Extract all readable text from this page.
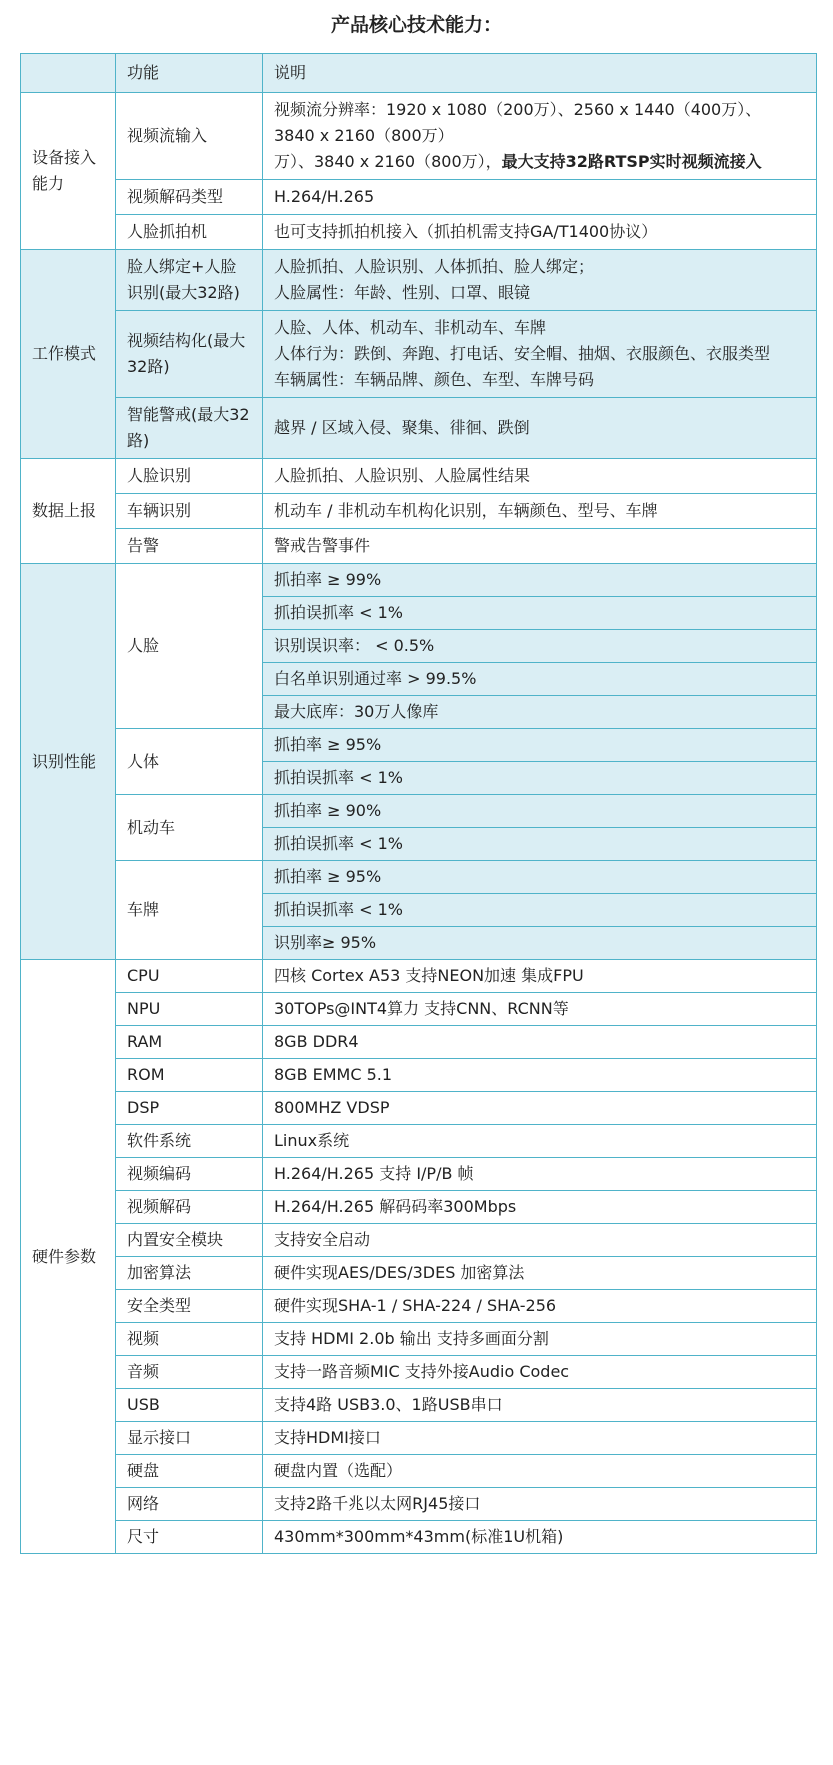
产品核心技术能力：
	功能	说明
设备接入能力	视频流输入	视频流分辨率：1920 x 1080（200万）、2560 x 1440（400万）、
3840 x 2160（800万）
万）、3840 x 2160（800万），最大支持32路RTSP实时视频流接入
	视频解码类型	H.264/H.265
	人脸抓拍机	也可支持抓拍机接入（抓拍机需支持GA/T1400协议）
工作模式	脸人绑定+人脸识别(最大32路)	人脸抓拍、人脸识别、人体抓拍、脸人绑定；
人脸属性：年龄、性别、口罩、眼镜
	视频结构化(最大32路)	人脸、人体、机动车、非机动车、车牌
人体行为：跌倒、奔跑、打电话、安全帽、抽烟、衣服颜色、衣服类型
车辆属性：车辆品牌、颜色、车型、车牌号码
	智能警戒(最大32路)	越界 / 区域入侵、聚集、徘徊、跌倒
数据上报	人脸识别	人脸抓拍、人脸识别、人脸属性结果
	车辆识别	机动车 / 非机动车机构化识别，车辆颜色、型号、车牌
	告警	警戒告警事件
识别性能	人脸	抓拍率 ≥ 99%
		抓拍误抓率 < 1%
		识别误识率： < 0.5%
		白名单识别通过率 > 99.5%
		最大底库：30万人像库
	人体	抓拍率 ≥ 95%
		抓拍误抓率 < 1%
	机动车	抓拍率 ≥ 90%
		抓拍误抓率 < 1%
	车牌	抓拍率 ≥ 95%
		抓拍误抓率 < 1%
		识别率≥ 95%
硬件参数	CPU	四核 Cortex A53 支持NEON加速 集成FPU
	NPU	30TOPs@INT4算力 支持CNN、RCNN等
	RAM	8GB DDR4
	ROM	8GB EMMC 5.1
	DSP	800MHZ VDSP
	软件系统	Linux系统
	视频编码	H.264/H.265 支持 I/P/B 帧
	视频解码	H.264/H.265 解码码率300Mbps
	内置安全模块	支持安全启动
	加密算法	硬件实现AES/DES/3DES 加密算法
	安全类型	硬件实现SHA-1 / SHA-224 / SHA-256
	视频	支持 HDMI 2.0b 输出 支持多画面分割
	音频	支持一路音频MIC 支持外接Audio Codec
	USB	支持4路 USB3.0、1路USB串口
	显示接口	支持HDMI接口
	硬盘	硬盘内置（选配）
	网络	支持2路千兆以太网RJ45接口
	尺寸	430mm*300mm*43mm(标准1U机箱)
